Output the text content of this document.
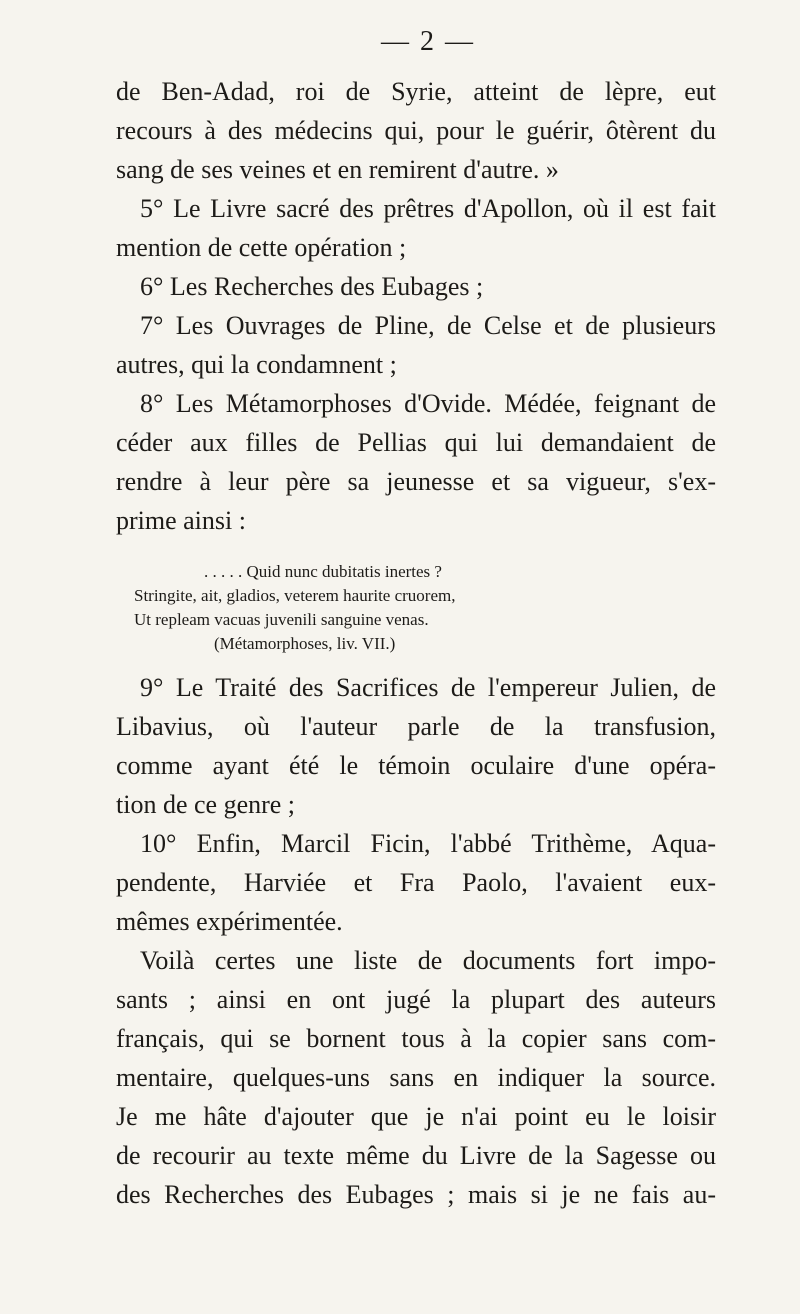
— 2 —
de Ben-Adad, roi de Syrie, atteint de lèpre, eut
recours à des médecins qui, pour le guérir, ôtèrent du
sang de ses veines et en remirent d'autre. »
5° Le Livre sacré des prêtres d'Apollon, où il est fait
mention de cette opération ;
6° Les Recherches des Eubages ;
7° Les Ouvrages de Pline, de Celse et de plusieurs
autres, qui la condamnent ;
8° Les Métamorphoses d'Ovide. Médée, feignant de
céder aux filles de Pellias qui lui demandaient de
rendre à leur père sa jeunesse et sa vigueur, s'ex-
prime ainsi :
. . . . . Quid nunc dubitatis inertes ?
Stringite, ait, gladios, veterem haurite cruorem,
Ut repleam vacuas juvenili sanguine venas.
(Métamorphoses, liv. VII.)
9° Le Traité des Sacrifices de l'empereur Julien, de
Libavius, où l'auteur parle de la transfusion,
comme ayant été le témoin oculaire d'une opéra-
tion de ce genre ;
10° Enfin, Marcil Ficin, l'abbé Trithème, Aqua-
pendente, Harviée et Fra Paolo, l'avaient eux-
mêmes expérimentée.
Voilà certes une liste de documents fort impo-
sants ; ainsi en ont jugé la plupart des auteurs
français, qui se bornent tous à la copier sans com-
mentaire, quelques-uns sans en indiquer la source.
Je me hâte d'ajouter que je n'ai point eu le loisir
de recourir au texte même du Livre de la Sagesse ou
des Recherches des Eubages ; mais si je ne fais au-
